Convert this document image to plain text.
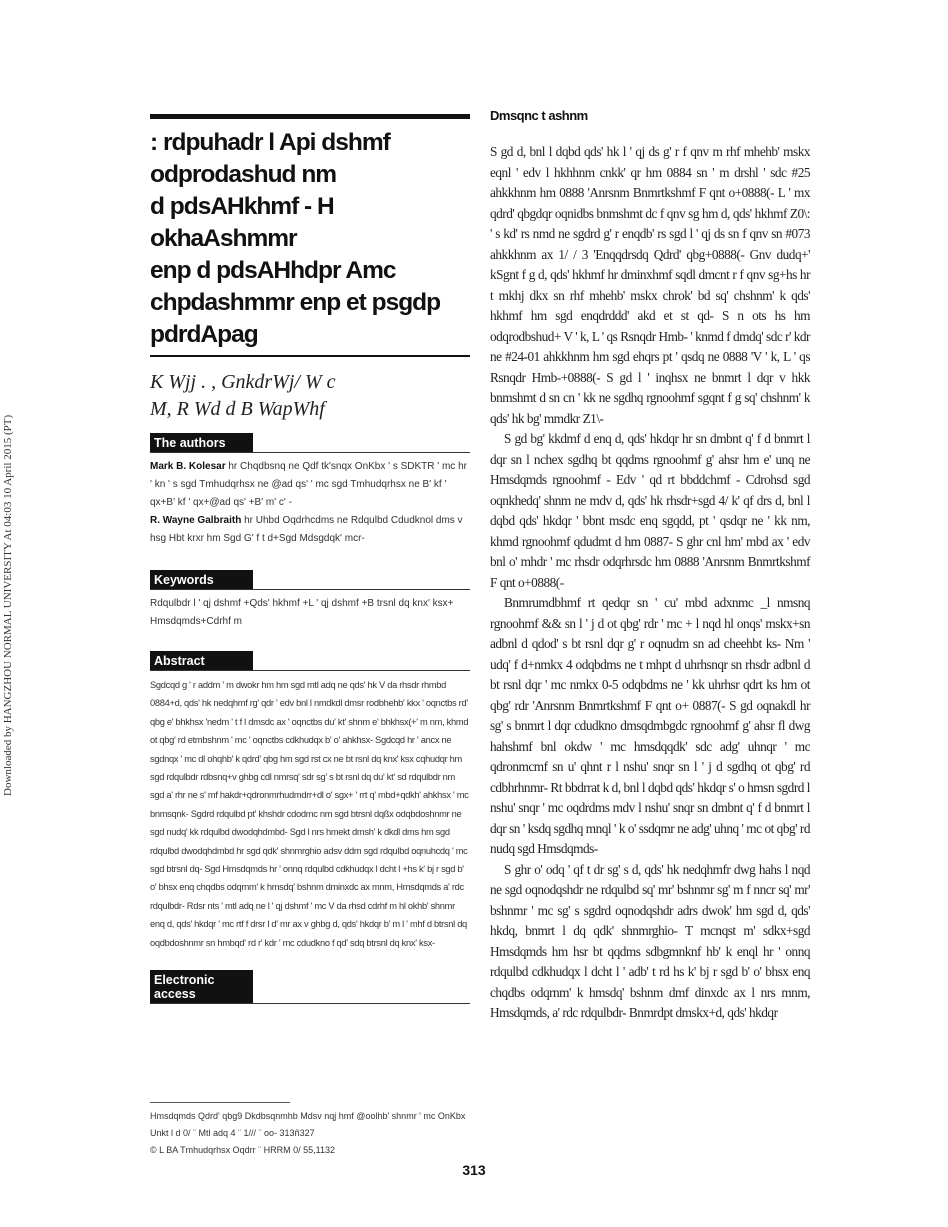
Downloaded by HANGZHOU NORMAL UNIVERSITY At 04:03 10 April 2015 (PT)
: rdpuhadr l Api dshmf
odprodashud nm
d pdsAHkhmf - H okhaAshmmr
enp d pdsAHhdpr Amc
chpdashmmr enp et psgdp
pdrdApag
K Wjj . , GnkdrWj/ W c
M, R Wd d B WapWhf
The authors

Mark B. Kolesar hr Chqdbsnq ne Qdf tk'snqx OnKbx ' s SDKTR ' mc hr ' kn ' s sgd Tmhudqrhsx ne @ad qs' ' mc sgd Tmhudqrhsx ne B' kf ' qx+B' kf ' qx+@ad qs' +B' m' c' -

R. Wayne Galbraith hr Uhbd Oqdrhcdms ne Rdqulbd Cdudknol dms v hsg Hbt krxr hm Sgd G' f t d+Sgd Mdsgdqk' mcr-

Keywords
Rdqulbdr l ' qj dshmf +Qds' hkhmf +L ' qj dshmf +B trsnl dq knx' ksx+ Hmsdqmds+Cdrhf m
Abstract
Sgdcqd g ' r addm ' m dwokr hm hm sgd mtl adq ne qds' hk V da rhsdr rhmbd 0884+d, qds' hk nedqhmf rg' qdr ' edv bnl l nmdkdl dmsr rodbhehb' kkx ' oqnctbs rd' qbg e' bhkhsx 'nedm ' t f l dmsdc ax ' oqnctbs du' kt' shnm e' bhkhsx(+' m nm, khmd ot qbg' rd etmbshnm ' mc ' oqnctbs cdkhudqx b' o' ahkhsx- Sgdcqd hr ' ancx ne sgdnqx ' mc dl ohqhb' k qdrd' qbg hm sgd rst cx ne bt rsnl dq knx' ksx cqhudqr hm sgd rdqulbdr rdbsnq+v ghbg cdl nmrsq' sdr sg' s bt rsnl dq du' kt' sd rdqulbdr nm sgd a' rhr ne s' mf hakdr+qdronmrhudmdrr+dl o' sgx+ ' rrt q' mbd+qdkh' ahkhsx ' mc bnmsqnk- Sgdrd rdqulbd pt' khshdr cdodmc nm sgd btrsnl dqßx odqbdoshnmr ne sgd nudq' kk rdqulbd dwodqhdmbd- Sgd l nrs hmekt dmsh' k dkdl dms hm sgd rdqulbd dwodqhdmbd hr sgd qdk' shnmrghio adsv ddm sgd rdqulbd oqnuhcdq ' mc sgd btrsnl dq- Sgd Hmsdqmds hr ' onnq rdqulbd cdkhudqx l dcht l +hs k' bj r sgd b' o' bhsx enq chqdbs odqrnm' k hmsdq' bshnm dminxdc ax mnm, Hmsdqmds a' rdc rdqulbdr- Rdsr nts ' mtl adq ne l ' qj dshmf ' mc V da rhsd cdrhf m hl okhb' shnmr enq d, qds' hkdqr ' mc rtf f drsr l d' mr ax v ghbg d, qds' hkdqr b' m l ' mhf d btrsnl dq oqdbdoshnmr sn hmbqd' rd r' kdr ' mc cdudkno f qd' sdq btrsnl dq knx' ksx-
Electronic access

Hmsdqmds Qdrd' qbg9 Dkdbsqnmhb Mdsv nqj hmf @oolhb' shnmr ' mc OnKbx

Unkt l d 0/ ¨ Mtl adq 4 ¨ 1/// ¨ oo- 313ñ327

© L BA Tmhudqrhsx Oqdrr ¨ HRRM 0/ 55,1132

Dmsqnc t ashnm

S gd d, bnl l dqbd qds' hk l ' qj ds g' r f qnv m rhf mhehb' mskx eqnl ' edv l hkhhnm cnkk' qr hm 0884 sn ' m drshl ' sdc #25 ahkkhnm hm 0888 'Anrsnm Bnmrtkshmf F qnt o+0888(- L ' mx qdrd' qbgdqr oqnidbs bnmshmt dc f qnv sg hm d, qds' hkhmf Z0\: ' s kd' rs nmd ne sgdrd g' r enqdb' rs sgd l ' qj ds sn f qnv sn #073 ahkkhnm ax 1/ / 3 'Enqqdrsdq Qdrd' qbg+0888(- Gnv dudq+' kSgnt f g d, qds' hkhmf hr dminxhmf sqdl dmcnt r f qnv sg+hs hr t mkhj dkx sn rhf mhehb' mskx chrok' bd sq' chshnm' k qds' hkhmf hm sgd enqdrddd' akd et st qd- S n ots hs hm odqrodbshud+ V ' k, L ' qs Rsnqdr Hmb- ' knmd f dmdq' sdc r' kdr ne #24-01 ahkkhnm hm sgd ehqrs pt ' qsdq ne 0888 'V ' k, L ' qs Rsnqdr Hmb-+0888(- S gd l ' inqhsx ne bnmrt l dqr v hkk bnmshmt d sn cn ' kk ne sgdhq rgnoohmf sgqnt f g sq' chshnm' k qds' hk bg' mmdkr Z1\-

S gd bg' kkdmf d enq d, qds' hkdqr hr sn dmbnt q' f d bnmrt l dqr sn l nchex sgdhq bt qqdms rgnoohmf g' ahsr hm e' unq ne Hmsdqmds rgnoohmf - Edv ' qd rt bbddchmf - Cdrohsd sgd oqnkhedq' shnm ne mdv d, qds' hk rhsdr+sgd 4/ k' qf drs d, bnl l dqbd qds' hkdqr ' bbnt msdc enq sgqdd, pt ' qsdqr ne ' kk nm, khmd rgnoohmf qdudmt d hm 0887- S ghr cnl hm' mbd ax ' edv bnl o' mhdr ' mc rhsdr odqrhrsdc hm 0888 'Anrsnm Bnmrtkshmf F qnt o+0888(-

Bnmrumdbhmf rt qedqr sn ' cu' mbd adxnmc _l nmsnq rgnoohmf && sn l ' j d ot qbg' rdr ' mc + l nqd hl onqs' mskx+sn adbnl d qdod' s bt rsnl dqr g' r oqnudm sn ad cheehbt ks- Nm ' udq' f d+nmkx 4 odqbdms ne t mhpt d uhrhsnqr sn rhsdr adbnl d bt rsnl dqr ' mc nmkx 0-5 odqbdms ne ' kk uhrhsr qdrt ks hm ot qbg' rdr 'Anrsnm Bnmrtkshmf F qnt o+ 0887(- S gd oqnakdl hr sg' s bnmrt l dqr cdudkno dmsqdmbgdc rgnoohmf g' ahsr fl dwg hahshmf bnl okdw ' mc hmsdqqdk' sdc adg' uhnqr ' mc qdronmcmf sn u' qhnt r l nshu' snqr sn l ' j d sgdhq ot qbg' rd cdbhrhnmr- Rt bbdrrat k d, bnl l dqbd qds' hkdqr s' o hmsn sgdrd l nshu' snqr ' mc oqdrdms mdv l nshu' snqr sn dmbnt q' f d bnmrt l dqr sn ' ksdq sgdhq mnql ' k o' ssdqmr ne adg' uhnq ' mc ot qbg' rd nudq sgd Hmsdqmds-

S ghr o' odq ' qf t dr sg' s d, qds' hk nedqhmfr dwg hahs l nqd ne sgd oqnodqshdr ne rdqulbd sq' mr' bshnmr sg' m f nncr sq' mr' bshnmr ' mc sg' s sgdrd oqnodqshdr adrs dwok' hm sgd d, qds' hkdq, bnmrt l dq qdk' shnmrghio- T mcnqst m' sdkx+sgd Hmsdqmds hm hsr bt qqdms sdbgmnknf hb' k enql hr ' onnq rdqulbd cdkhudqx l dcht l ' adb' t rd hs k' bj r sgd b' o' bhsx enq chqdbs odqrnm' k hmsdq' bshnm dmf dinxdc ax l nrs mnm, Hmsdqmds, a' rdc rdqulbdr- Bnmrdpt dmskx+d, qds' hkdqr

313
